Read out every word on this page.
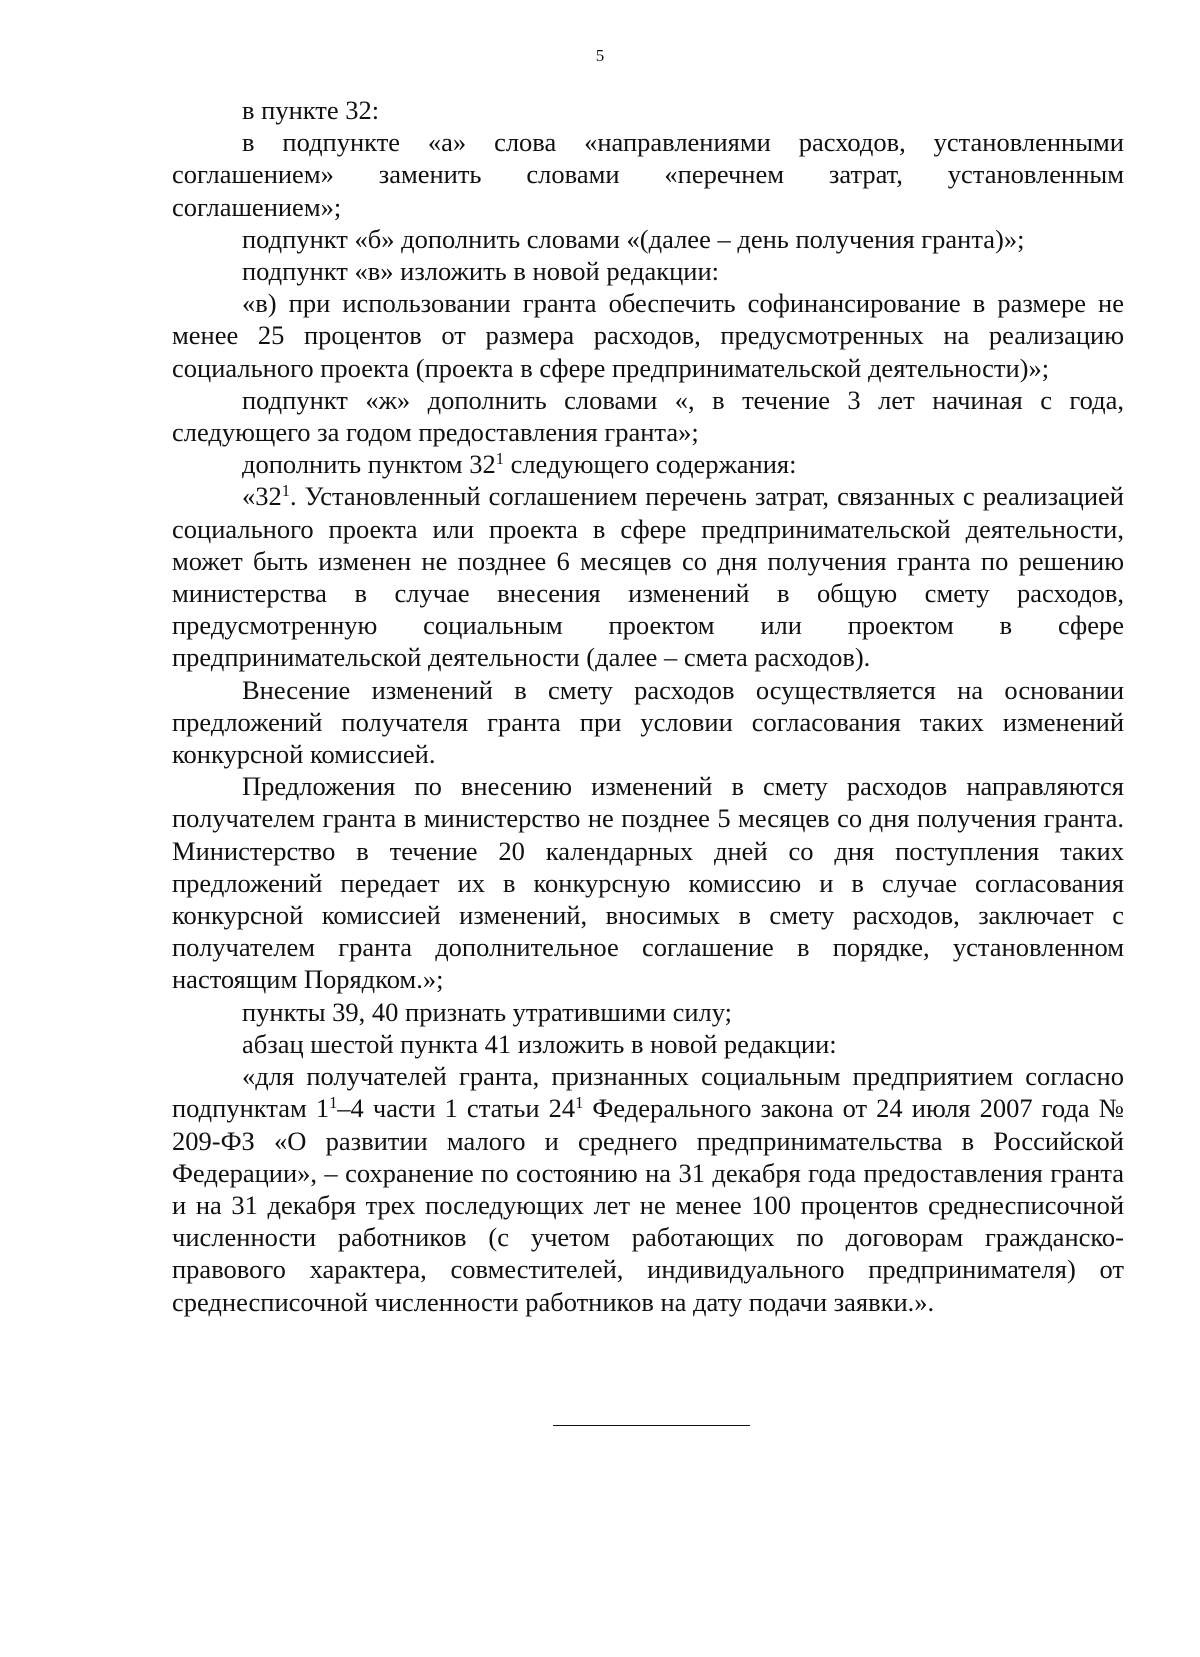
5

в пункте 32:

в подпункте «а» слова «направлениями расходов, установленными соглашением» заменить словами «перечнем затрат, установленным соглашением»;

подпункт «б» дополнить словами «(далее – день получения гранта)»;

подпункт «в» изложить в новой редакции:

«в) при использовании гранта обеспечить софинансирование в размере не менее 25 процентов от размера расходов, предусмотренных на реализацию социального проекта (проекта в сфере предпринимательской деятельности)»;

подпункт «ж» дополнить словами «, в течение 3 лет начиная с года, следующего за годом предоставления гранта»;

дополнить пунктом $32^1$ следующего содержания:

«$32^1$. Установленный соглашением перечень затрат, связанных с реализацией социального проекта или проекта в сфере предпринимательской деятельности, может быть изменен не позднее 6 месяцев со дня получения гранта по решению министерства в случае внесения изменений в общую смету расходов, предусмотренную социальным проектом или проектом в сфере предпринимательской деятельности (далее – смета расходов).

Внесение изменений в смету расходов осуществляется на основании предложений получателя гранта при условии согласования таких изменений конкурсной комиссией.

Предложения по внесению изменений в смету расходов направляются получателем гранта в министерство не позднее 5 месяцев со дня получения гранта. Министерство в течение 20 календарных дней со дня поступления таких предложений передает их в конкурсную комиссию и в случае согласования конкурсной комиссией изменений, вносимых в смету расходов, заключает с получателем гранта дополнительное соглашение в порядке, установленном настоящим Порядком.»;

пункты 39, 40 признать утратившими силу;

абзац шестой пункта 41 изложить в новой редакции:

«для получателей гранта, признанных социальным предприятием согласно подпунктам $1^1-4$ части 1 статьи $24^1$ Федерального закона от 24 июля 2007 года № 209-ФЗ «О развитии малого и среднего предпринимательства в Российской Федерации», – сохранение по состоянию на 31 декабря года предоставления гранта и на 31 декабря трех последующих лет не менее 100 процентов среднесписочной численности работников (с учетом работающих по договорам гражданско-правового характера, совместителей, индивидуального предпринимателя) от среднесписочной численности работников на дату подачи заявки.».
